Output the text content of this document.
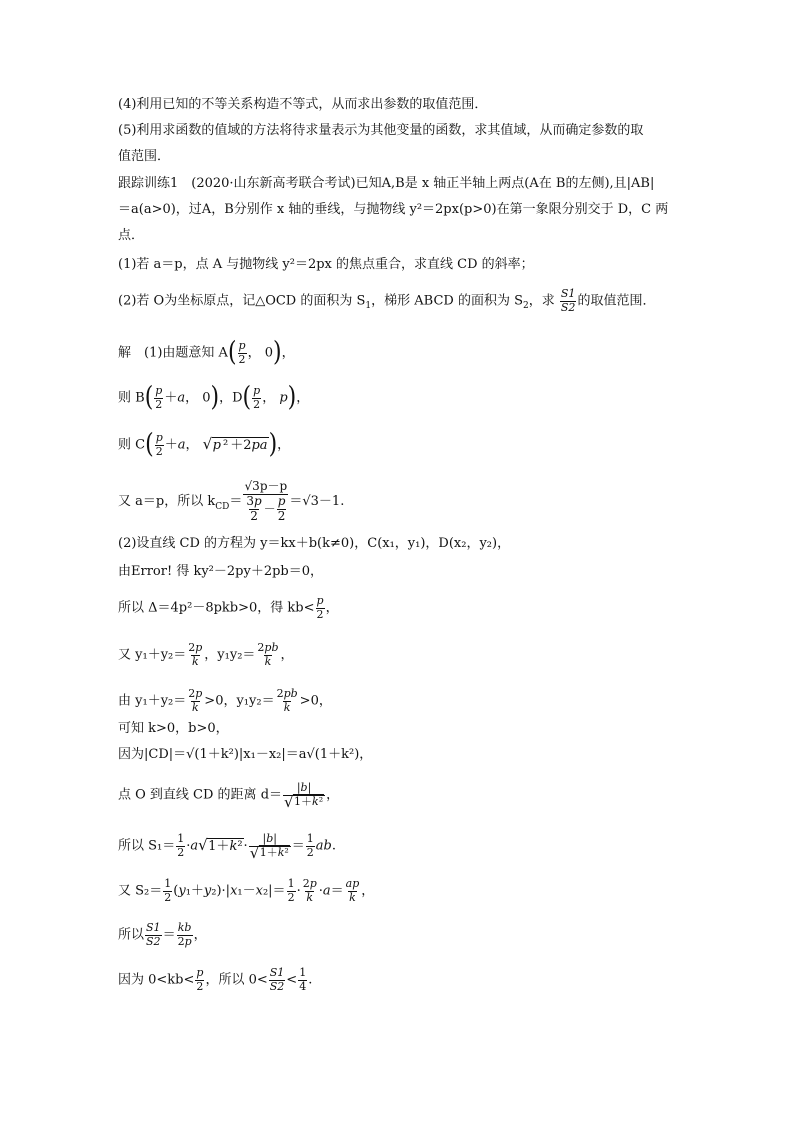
(4)利用已知的不等关系构造不等式，从而求出参数的取值范围．
(5)利用求函数的值域的方法将待求量表示为其他变量的函数，求其值域，从而确定参数的取
值范围．
跟踪训练1　(2020·山东新高考联合考试)已知A,B是 x 轴正半轴上两点(A在 B的左侧),且|AB|
＝a(a>0)，过A，B分别作 x 轴的垂线，与抛物线 y²＝2px(p>0)在第一象限分别交于 D，C 两
点．
(1)若 a＝p，点 A 与抛物线 y²＝2px 的焦点重合，求直线 CD 的斜率；
(2)若 O为坐标原点，记△OCD 的面积为 $S_1$，梯形 ABCD 的面积为 $S_2$，求 $\frac{S1}{S2}$ 的取值范围．
解　(1)由题意知 $A( \frac{p}{2}$ ， 0)，
则 $B( \frac{p}{2} +a$， 0)，$D( \frac{p}{2}$ ， p)，
则 $C( \frac{p}{2} +a$， √ p ² ＋2pa)，
又 a＝p，所以 $k_{CD}= \frac{√3p-p}{\frac{3p}{2} - \frac{p}{2}} =√3-1$.
(2)设直线 CD 的方程为 y＝kx＋b(k≠0)，C(x₁，y₁)，D(x₂，y₂)，
由Error! 得 ky²－2py＋2pb＝0，
所以 Δ＝4p²－8pkb>0，得 $kb< \frac{p}{2}$ ，
又 $y_1+y_2= \frac{2p}{k}$ ，$y_1y_2= \frac{2pb}{k}$ ，
由 $y_1+y_2= \frac{2p}{k} >0$，$y_1y_2= \frac{2pb}{k} >0$，
可知 k>0，b>0，
因为|CD|＝√(1＋k²)|x₁－x₂|＝a√(1＋k²)，
点 O 到直线 CD 的距离 d＝ |b|
√ 1＋k² ，
所以 $S_1= \frac{1}{2} \cdot a√$ 1＋k²· |b|
√ $1+k^2 = \frac{1}{2}$ ab.
又 $S_2= \frac{1}{2} (y_1+y_2)\cdot|x_1-x_2|= \frac{1}{2} \cdot \frac{2p}{k} \cdot a= \frac{ap}{k}$ ，
所以 $\frac{S1}{S2} = \frac{kb}{2p}$ ，
因为 $0<kb< \frac{p}{2}$ ，所以 $0< \frac{S1}{S2} < \frac{1}{4}$ .
